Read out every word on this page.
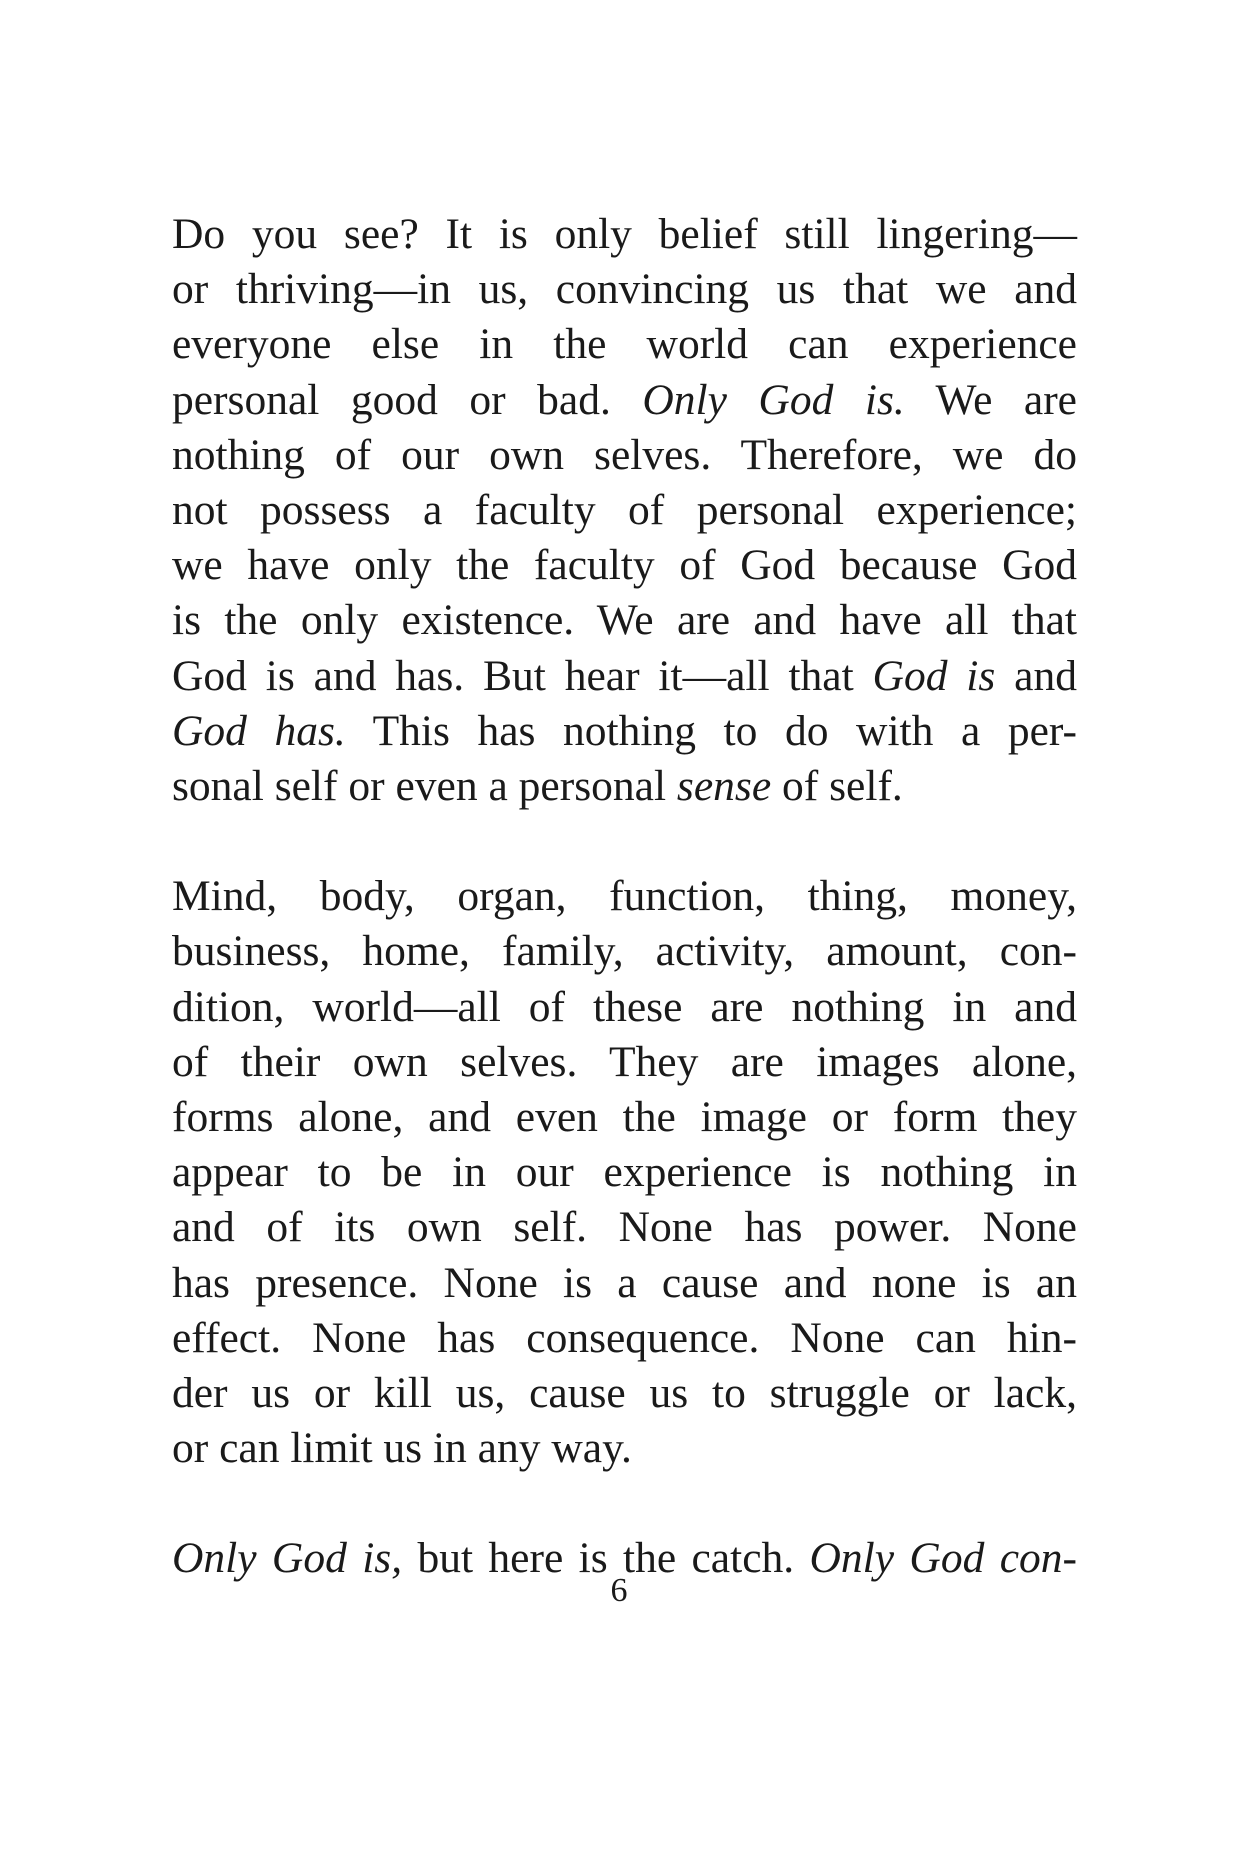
Do you see? It is only belief still lingering—
or thriving—in us, convincing us that we and
everyone else in the world can experience
personal good or bad. Only God is. We are
nothing of our own selves. Therefore, we do
not possess a faculty of personal experience;
we have only the faculty of God because God
is the only existence. We are and have all that
God is and has. But hear it—all that God is and
God has. This has nothing to do with a per-
sonal self or even a personal sense of self.
Mind, body, organ, function, thing, money,
business, home, family, activity, amount, con-
dition, world—all of these are nothing in and
of their own selves. They are images alone,
forms alone, and even the image or form they
appear to be in our experience is nothing in
and of its own self. None has power. None
has presence. None is a cause and none is an
effect. None has consequence. None can hin-
der us or kill us, cause us to struggle or lack,
or can limit us in any way.
Only God is, but here is the catch. Only God con-
6
